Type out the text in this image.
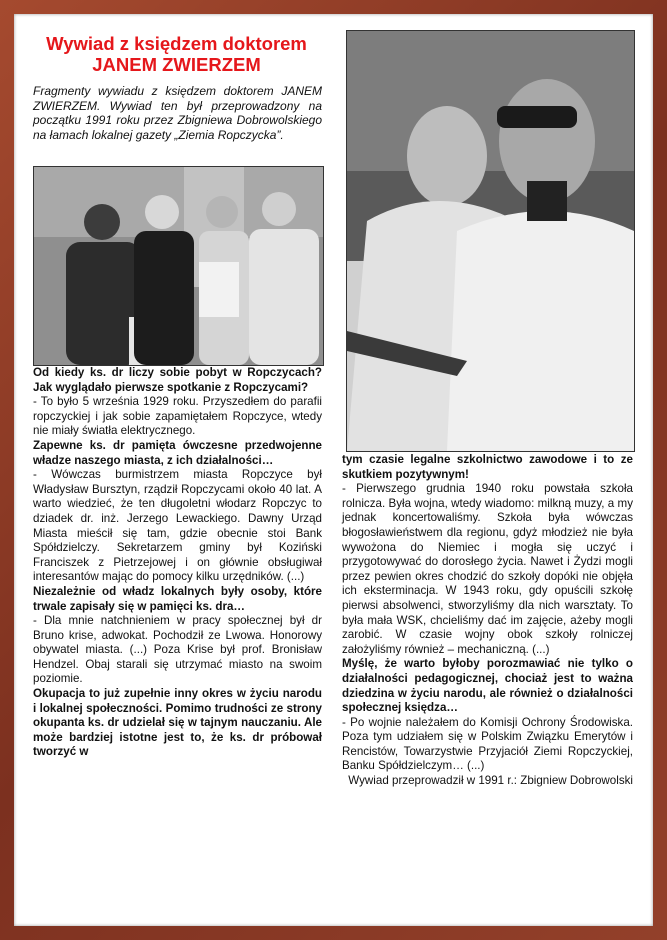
Wywiad z księdzem doktorem
JANEM ZWIERZEM
Fragmenty wywiadu z księdzem doktorem JANEM ZWIERZEM. Wywiad ten był przeprowadzony na początku 1991 roku przez Zbigniewa Dobrowolskiego na łamach lokalnej gazety „Ziemia Ropczycka”.

Od kiedy ks. dr liczy sobie pobyt w Ropczycach? Jak wyglądało pierwsze spotkanie z Ropczycami?

- To było 5 września 1929 roku. Przyszedłem do parafii ropczyckiej i jak sobie zapamiętałem Ropczyce, wtedy nie miały światła elektrycznego.

Zapewne ks. dr pamięta ówczesne przedwojenne władze naszego miasta, z ich działalności…

- Wówczas burmistrzem miasta Ropczyce był Władysław Bursztyn, rządził Ropczycami około 40 lat. A warto wiedzieć, że ten długoletni włodarz Ropczyc to dziadek dr. inż. Jerzego Lewackiego. Dawny Urząd Miasta mieścił się tam, gdzie obecnie stoi Bank Spółdzielczy. Sekretarzem gminy był Koziński Franciszek z Pietrzejowej i on głównie obsługiwał interesantów mając do pomocy kilku urzędników. (...)

Niezależnie od władz lokalnych były osoby, które trwale zapisały się w pamięci ks. dra…

- Dla mnie natchnieniem w pracy społecznej był dr Bruno krise, adwokat. Pochodził ze Lwowa. Honorowy obywatel miasta. (...) Poza Krise był prof. Bronisław Hendzel. Obaj starali się utrzymać miasto na swoim poziomie.

Okupacja to już zupełnie inny okres w życiu narodu i lokalnej społeczności. Pomimo trudności ze strony okupanta ks. dr udzielał się w tajnym nauczaniu. Ale może bardziej istotne jest to, że ks. dr próbował tworzyć w

tym czasie legalne szkolnictwo zawodowe i to ze skutkiem pozytywnym!

- Pierwszego grudnia 1940 roku powstała szkoła rolnicza. Była wojna, wtedy wiadomo: milkną muzy, a my jednak koncertowaliśmy. Szkoła była wówczas błogosławieństwem dla regionu, gdyż młodzież nie była wywożona do Niemiec i mogła się uczyć i przygotowywać do dorosłego życia. Nawet i Żydzi mogli przez pewien okres chodzić do szkoły dopóki nie objęła ich eksterminacja. W 1943 roku, gdy opuścili szkołę pierwsi absolwenci, stworzyliśmy dla nich warsztaty. To była mała WSK, chcieliśmy dać im zajęcie, ażeby mogli zarobić. W czasie wojny obok szkoły rolniczej założyliśmy również – mechaniczną. (...)

Myślę, że warto byłoby porozmawiać nie tylko o działalności pedagogicznej, chociaż jest to ważna dziedzina w życiu narodu, ale również o działalności społecznej księdza…

- Po wojnie należałem do Komisji Ochrony Środowiska. Poza tym udziałem się w Polskim Związku Emerytów i Rencistów, Towarzystwie Przyjaciół Ziemi Ropczyckiej, Banku Spółdzielczym… (...)

Wywiad przeprowadził w 1991 r.: Zbigniew Dobrowolski
